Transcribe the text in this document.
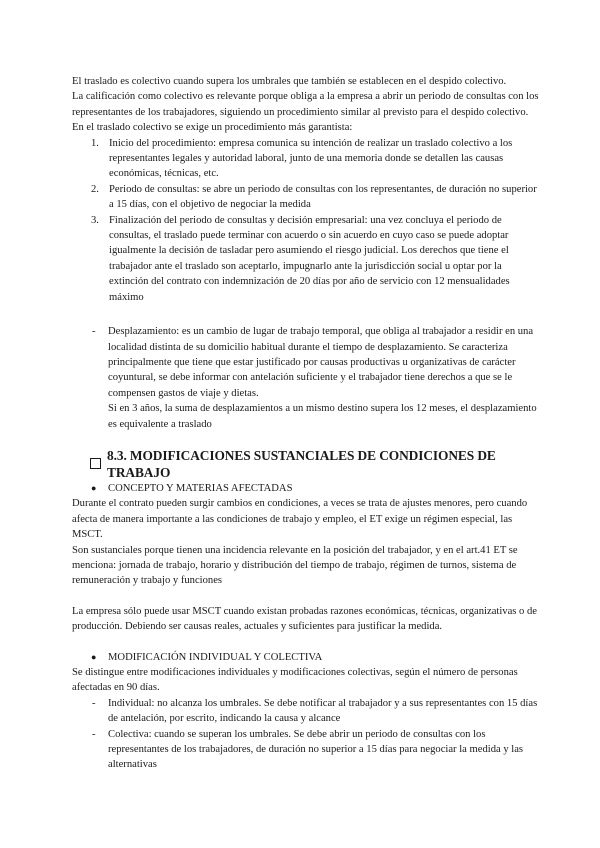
El traslado es colectivo cuando supera los umbrales que también se establecen en el despido colectivo.

La calificación como colectivo es relevante porque obliga a la empresa a abrir un periodo de consultas con los representantes de los trabajadores, siguiendo un procedimiento similar al previsto para el despido colectivo.

En el traslado colectivo se exige un procedimiento más garantista:

1. Inicio del procedimiento: empresa comunica su intención de realizar un traslado colectivo a los representantes legales y autoridad laboral, junto de una memoria donde se detallen las causas económicas, técnicas, etc.
2. Periodo de consultas: se abre un periodo de consultas con los representantes, de duración no superior a 15 días, con el objetivo de negociar la medida
3. Finalización del periodo de consultas y decisión empresarial: una vez concluya el periodo de consultas, el traslado puede terminar con acuerdo o sin acuerdo en cuyo caso se puede adoptar igualmente la decisión de tasladar pero asumiendo el riesgo judicial. Los derechos que tiene el trabajador ante el traslado son aceptarlo, impugnarlo ante la jurisdicción social u optar por la extinción del contrato con indemnización de 20 días por año de servicio con 12 mensualidades máximo
- Desplazamiento: es un cambio de lugar de trabajo temporal, que obliga al trabajador a residir en una localidad distinta de su domicilio habitual durante el tiempo de desplazamiento. Se caracteriza principalmente que tiene que estar justificado por causas productivas u organizativas de carácter coyuntural, se debe informar con antelación suficiente y el trabajador tiene derechos a que se le compensen gastos de viaje y dietas.

Si en 3 años, la suma de desplazamientos a un mismo destino supera los 12 meses, el desplazamiento es equivalente a traslado

8.3. MODIFICACIONES SUSTANCIALES DE CONDICIONES DE TRABAJO
● CONCEPTO Y MATERIAS AFECTADAS

Durante el contrato pueden surgir cambios en condiciones, a veces se trata de ajustes menores, pero cuando afecta de manera importante a las condiciones de trabajo y empleo, el ET exige un régimen especial, las MSCT.

Son sustanciales porque tienen una incidencia relevante en la posición del trabajador, y en el art.41 ET se menciona: jornada de trabajo, horario y distribución del tiempo de trabajo, régimen de turnos, sistema de remuneración y trabajo y funciones

La empresa sólo puede usar MSCT cuando existan probadas razones económicas, técnicas, organizativas o de producción. Debiendo ser causas reales, actuales y suficientes para justificar la medida.

● MODIFICACIÓN INDIVIDUAL Y COLECTIVA

Se distingue entre modificaciones individuales y modificaciones colectivas, según el número de personas afectadas en 90 días.

- Individual: no alcanza los umbrales. Se debe notificar al trabajador y a sus representantes con 15 días de antelación, por escrito, indicando la causa y alcance
- Colectiva: cuando se superan los umbrales. Se debe abrir un periodo de consultas con los representantes de los trabajadores, de duración no superior a 15 días para negociar la medida y las alternativas
